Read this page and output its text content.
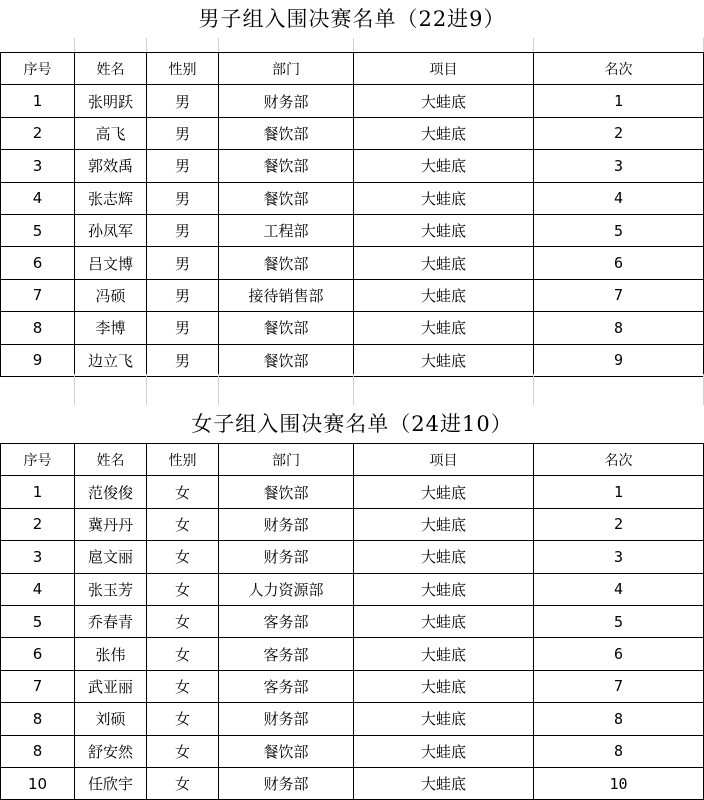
男子组入围决赛名单（22进9）
序号	姓名	性别	部门	项目	名次
1	张明跃	男	财务部	大蛙底	1
2	高飞	男	餐饮部	大蛙底	2
3	郭效禹	男	餐饮部	大蛙底	3
4	张志辉	男	餐饮部	大蛙底	4
5	孙凤军	男	工程部	大蛙底	5
6	吕文博	男	餐饮部	大蛙底	6
7	冯硕	男	接待销售部	大蛙底	7
8	李博	男	餐饮部	大蛙底	8
9	边立飞	男	餐饮部	大蛙底	9
女子组入围决赛名单（24进10）
序号	姓名	性别	部门	项目	名次
1	范俊俊	女	餐饮部	大蛙底	1
2	冀丹丹	女	财务部	大蛙底	2
3	扈文丽	女	财务部	大蛙底	3
4	张玉芳	女	人力资源部	大蛙底	4
5	乔春青	女	客务部	大蛙底	5
6	张伟	女	客务部	大蛙底	6
7	武亚丽	女	客务部	大蛙底	7
8	刘硕	女	财务部	大蛙底	8
8	舒安然	女	餐饮部	大蛙底	8
10	任欣宇	女	财务部	大蛙底	10
